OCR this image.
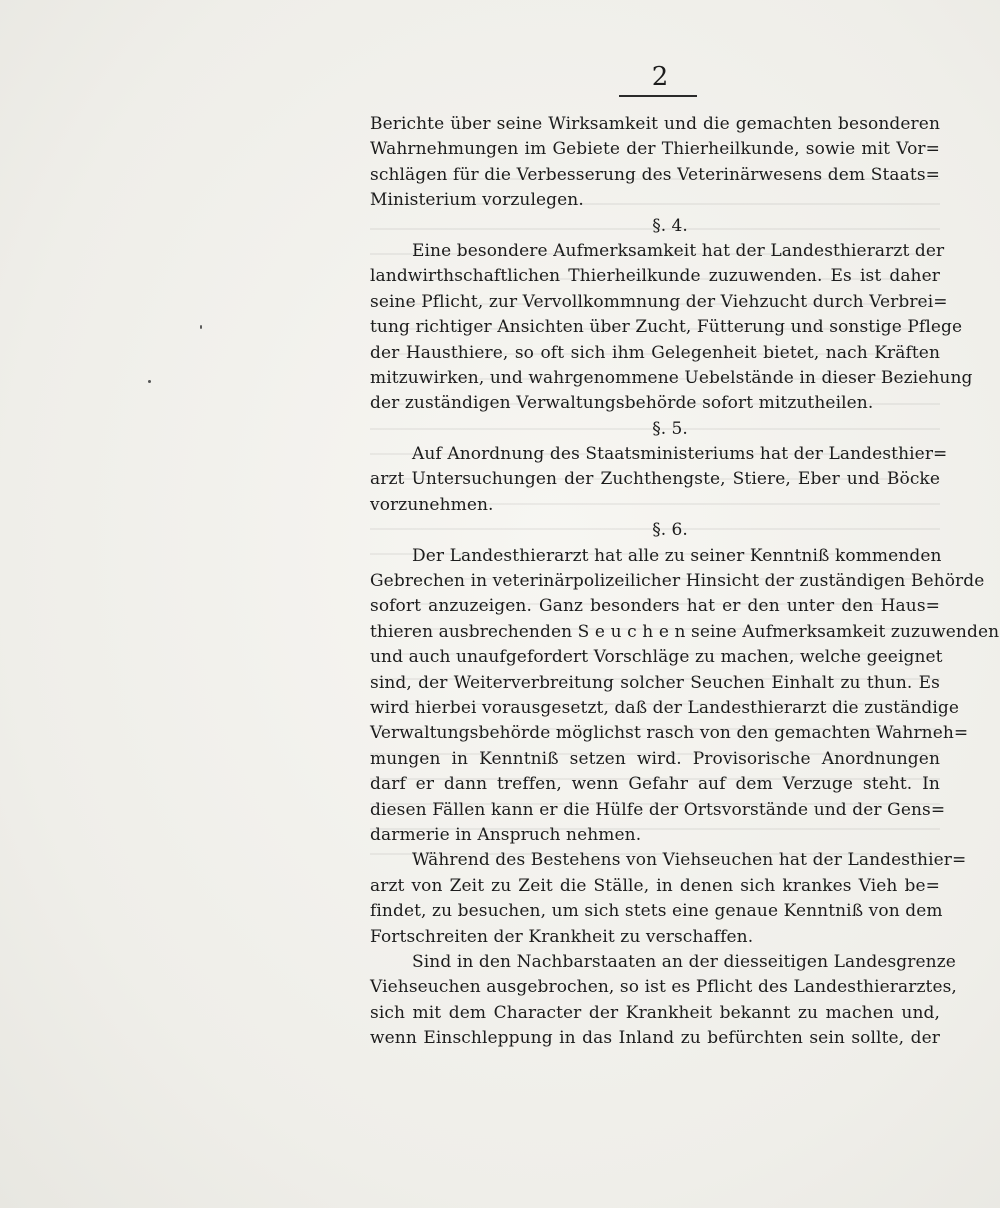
2
Berichte über seine Wirksamkeit und die gemachten besonderen
Wahrnehmungen im Gebiete der Thierheilkunde, sowie mit Vor=
schlägen für die Verbesserung des Veterinärwesens dem Staats=
Ministerium vorzulegen.
§. 4.
Eine besondere Aufmerksamkeit hat der Landesthierarzt der
landwirthschaftlichen Thierheilkunde zuzuwenden. Es ist daher
seine Pflicht, zur Vervollkommnung der Viehzucht durch Verbrei=
tung richtiger Ansichten über Zucht, Fütterung und sonstige Pflege
der Hausthiere, so oft sich ihm Gelegenheit bietet, nach Kräften
mitzuwirken, und wahrgenommene Uebelstände in dieser Beziehung
der zuständigen Verwaltungsbehörde sofort mitzutheilen.
§. 5.
Auf Anordnung des Staatsministeriums hat der Landesthier=
arzt Untersuchungen der Zuchthengste, Stiere, Eber und Böcke
vorzunehmen.
§. 6.
Der Landesthierarzt hat alle zu seiner Kenntniß kommenden
Gebrechen in veterinärpolizeilicher Hinsicht der zuständigen Behörde
sofort anzuzeigen. Ganz besonders hat er den unter den Haus=
thieren ausbrechenden S e u c h e n seine Aufmerksamkeit zuzuwenden
und auch unaufgefordert Vorschläge zu machen, welche geeignet
sind, der Weiterverbreitung solcher Seuchen Einhalt zu thun. Es
wird hierbei vorausgesetzt, daß der Landesthierarzt die zuständige
Verwaltungsbehörde möglichst rasch von den gemachten Wahrneh=
mungen in Kenntniß setzen wird. Provisorische Anordnungen
darf er dann treffen, wenn Gefahr auf dem Verzuge steht. In
diesen Fällen kann er die Hülfe der Ortsvorstände und der Gens=
darmerie in Anspruch nehmen.
Während des Bestehens von Viehseuchen hat der Landesthier=
arzt von Zeit zu Zeit die Ställe, in denen sich krankes Vieh be=
findet, zu besuchen, um sich stets eine genaue Kenntniß von dem
Fortschreiten der Krankheit zu verschaffen.
Sind in den Nachbarstaaten an der diesseitigen Landesgrenze
Viehseuchen ausgebrochen, so ist es Pflicht des Landesthierarztes,
sich mit dem Character der Krankheit bekannt zu machen und,
wenn Einschleppung in das Inland zu befürchten sein sollte, der
